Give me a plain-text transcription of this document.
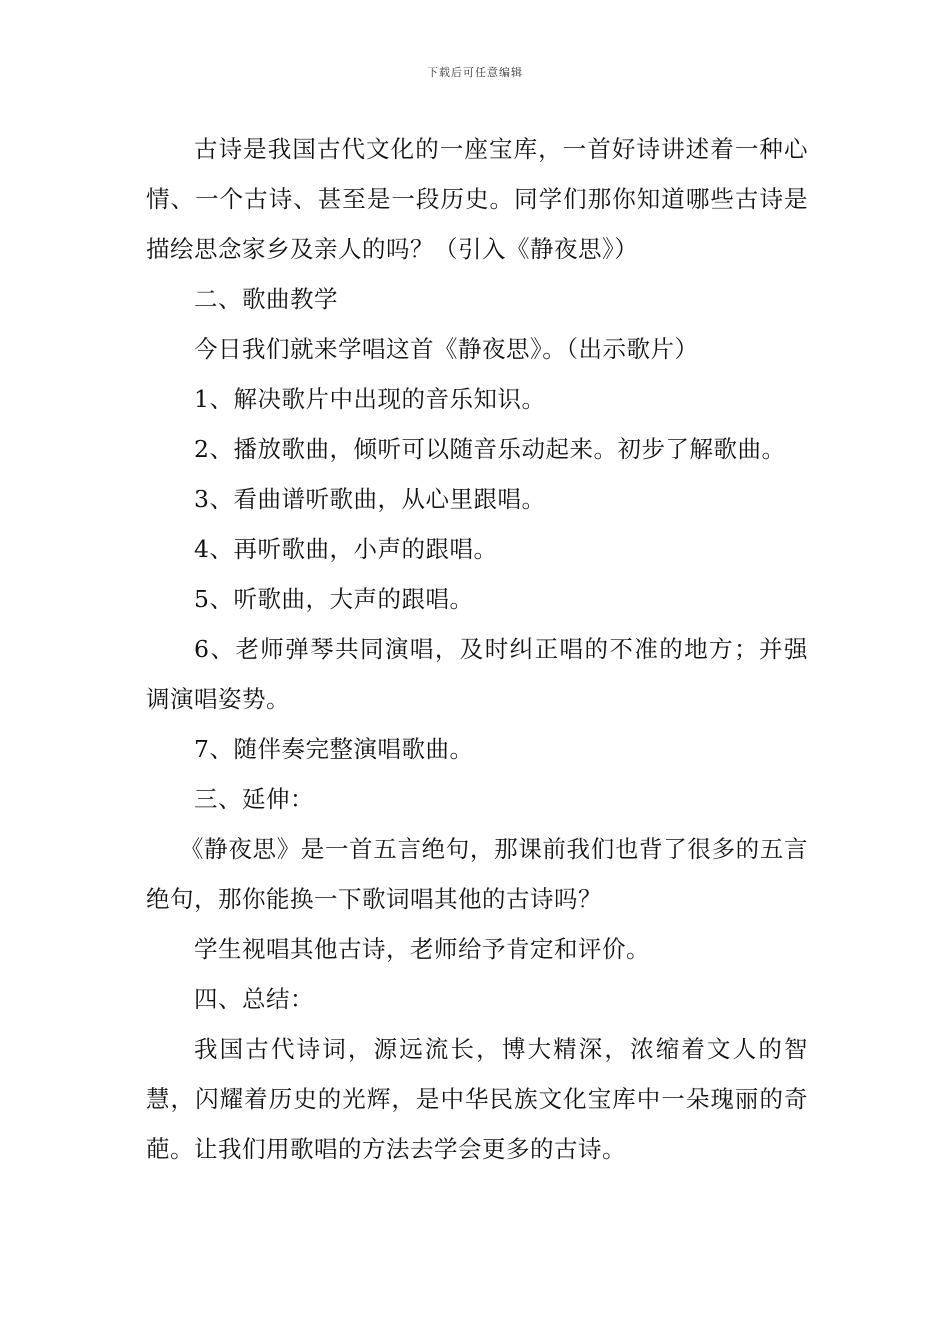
下载后可任意编辑

古诗是我国古代文化的一座宝库，一首好诗讲述着一种心情、一个古诗、甚至是一段历史。同学们那你知道哪些古诗是描绘思念家乡及亲人的吗？（引入《静夜思》）

二、歌曲教学

今日我们就来学唱这首《静夜思》。（出示歌片）

1、解决歌片中出现的音乐知识。

2、播放歌曲，倾听可以随音乐动起来。初步了解歌曲。

3、看曲谱听歌曲，从心里跟唱。

4、再听歌曲，小声的跟唱。

5、听歌曲，大声的跟唱。

6、老师弹琴共同演唱，及时纠正唱的不准的地方；并强调演唱姿势。

7、随伴奏完整演唱歌曲。

三、延伸：

《静夜思》是一首五言绝句，那课前我们也背了很多的五言绝句，那你能换一下歌词唱其他的古诗吗？

学生视唱其他古诗，老师给予肯定和评价。

四、总结：

我国古代诗词，源远流长，博大精深，浓缩着文人的智慧，闪耀着历史的光辉，是中华民族文化宝库中一朵瑰丽的奇葩。让我们用歌唱的方法去学会更多的古诗。
